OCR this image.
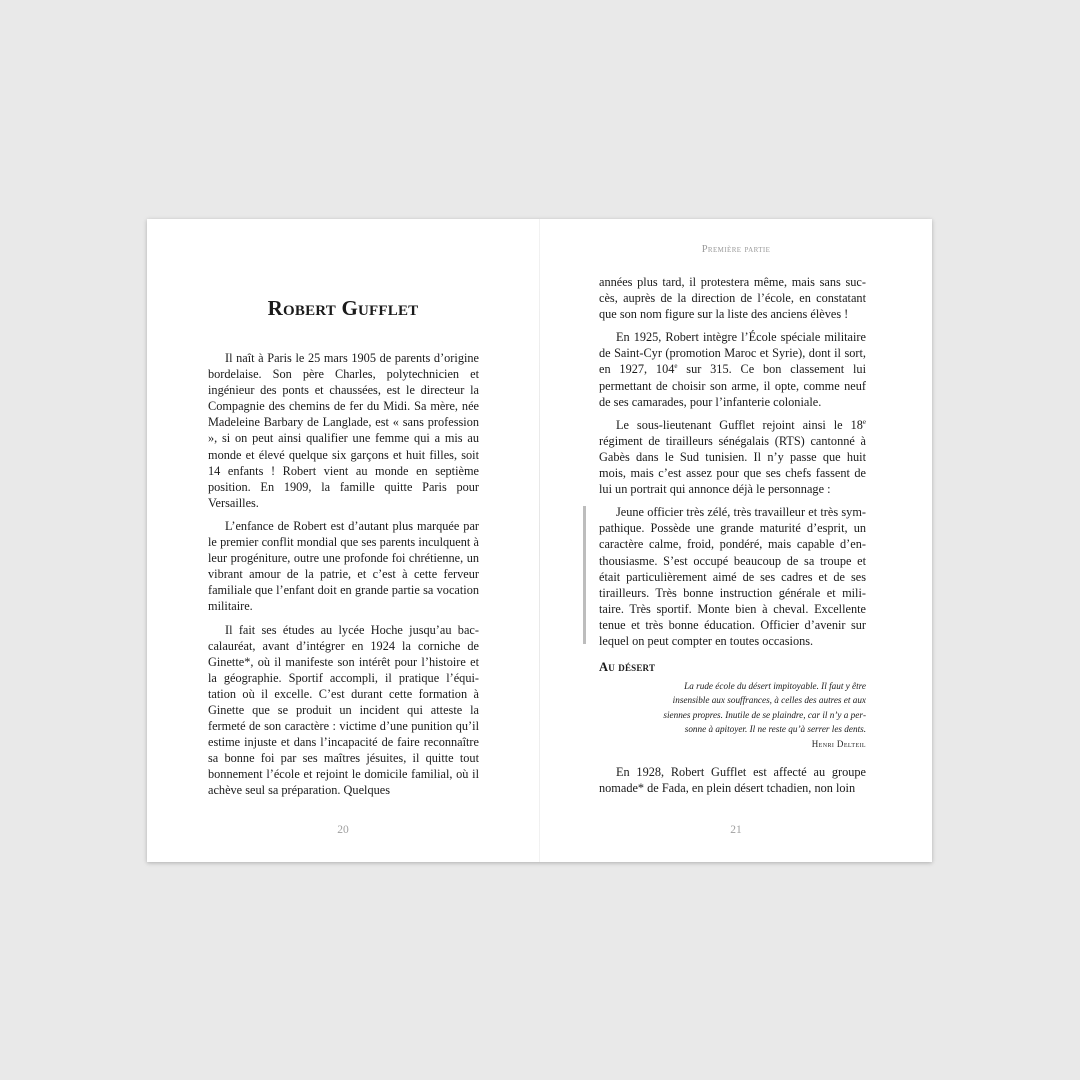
Robert Gufflet

Il naît à Paris le 25 mars 1905 de parents d’origine bordelaise. Son père Charles, polytechnicien et ingénieur des ponts et chaussées, est le directeur la Compagnie des chemins de fer du Midi. Sa mère, née Madeleine Barbary de Langlade, est « sans profession », si on peut ainsi qualifier une femme qui a mis au monde et élevé quelque six garçons et huit filles, soit 14 enfants ! Robert vient au monde en septième position. En 1909, la famille quitte Paris pour Versailles.

L’enfance de Robert est d’autant plus marquée par le premier conflit mondial que ses parents inculquent à leur progéniture, outre une profonde foi chrétienne, un vibrant amour de la patrie, et c’est à cette ferveur familiale que l’enfant doit en grande partie sa vocation militaire.

Il fait ses études au lycée Hoche jusqu’au baccalauréat, avant d’intégrer en 1924 la corniche de Ginette*, où il manifeste son intérêt pour l’histoire et la géographie. Sportif accompli, il pratique l’équitation où il excelle. C’est durant cette formation à Ginette que se produit un incident qui atteste la fermeté de son caractère : victime d’une punition qu’il estime injuste et dans l’incapacité de faire reconnaître sa bonne foi par ses maîtres jésuites, il quitte tout bonnement l’école et rejoint le domicile familial, où il achève seul sa préparation. Quelques

20
Première partie

années plus tard, il protestera même, mais sans succès, auprès de la direction de l’école, en constatant que son nom figure sur la liste des anciens élèves !

En 1925, Robert intègre l’École spéciale militaire de Saint-Cyr (promotion Maroc et Syrie), dont il sort, en 1927, 104e sur 315. Ce bon classement lui permettant de choisir son arme, il opte, comme neuf de ses camarades, pour l’infanterie coloniale.

Le sous-lieutenant Gufflet rejoint ainsi le 18e régiment de tirailleurs sénégalais (RTS) cantonné à Gabès dans le Sud tunisien. Il n’y passe que huit mois, mais c’est assez pour que ses chefs fassent de lui un portrait qui annonce déjà le personnage :

Jeune officier très zélé, très travailleur et très sympathique. Possède une grande maturité d’esprit, un caractère calme, froid, pondéré, mais capable d’enthousiasme. S’est occupé beaucoup de sa troupe et était particulièrement aimé de ses cadres et de ses tirailleurs. Très bonne instruction générale et militaire. Très sportif. Monte bien à cheval. Excellente tenue et très bonne éducation. Officier d’avenir sur lequel on peut compter en toutes occasions.

Au désert
La rude école du désert impitoyable. Il faut y être insensible aux souffrances, à celles des autres et aux siennes propres. Inutile de se plaindre, car il n’y a personne à apitoyer. Il ne reste qu’à serrer les dents.
Henri Delteil

En 1928, Robert Gufflet est affecté au groupe nomade* de Fada, en plein désert tchadien, non loin

21
